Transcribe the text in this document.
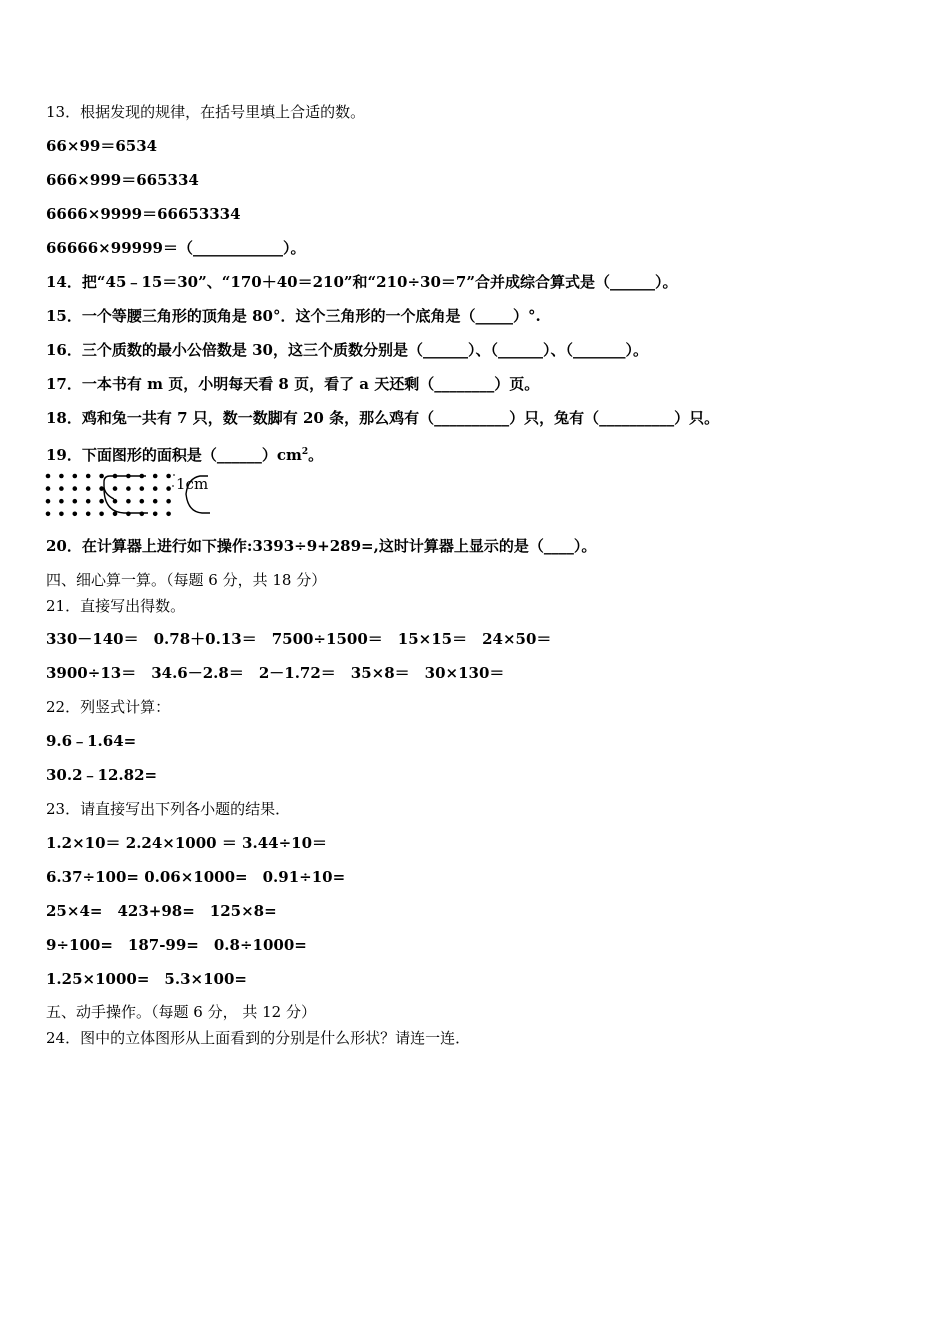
13．根据发现的规律，在括号里填上合适的数。
66×99＝6534
666×999＝665334
6666×9999＝66653334
66666×99999＝（____________）。
14．把“45﹣15＝30”、“170＋40＝210”和“210÷30＝7”合并成综合算式是（______）。
15．一个等腰三角形的顶角是 80°．这个三角形的一个底角是（_____）°.
16．三个质数的最小公倍数是 30，这三个质数分别是（______）、（______）、（_______）。
17．一本书有 m 页，小明每天看 8 页，看了 a 天还剩（________）页。
18．鸡和兔一共有 7 只，数一数脚有 20 条，那么鸡有（__________）只，兔有（__________）只。
19．下面图形的面积是$(\_\_\_\_\_\_)cm^2$。
1cm
20．在计算器上进行如下操作:3393÷9+289=,这时计算器上显示的是（____）。
四、细心算一算。（每题 6 分，共 18 分）
21．直接写出得数。
330－140＝　0.78＋0.13＝　7500÷1500＝　15×15＝　24×50＝
3900÷13＝　34.6－2.8＝　2－1.72＝　35×8＝　30×130＝
22．列竖式计算：
9.6﹣1.64=
30.2﹣12.82=
23．请直接写出下列各小题的结果．
1.2×10＝ 2.24×1000 ＝ 3.44÷10＝
6.37÷100= 0.06×1000=　0.91÷10=
25×4=　423+98=　125×8=
9÷100=　187-99=　0.8÷1000=
1.25×1000=　5.3×100=
五、动手操作。（每题 6 分， 共 12 分）
24．图中的立体图形从上面看到的分别是什么形状？请连一连．
